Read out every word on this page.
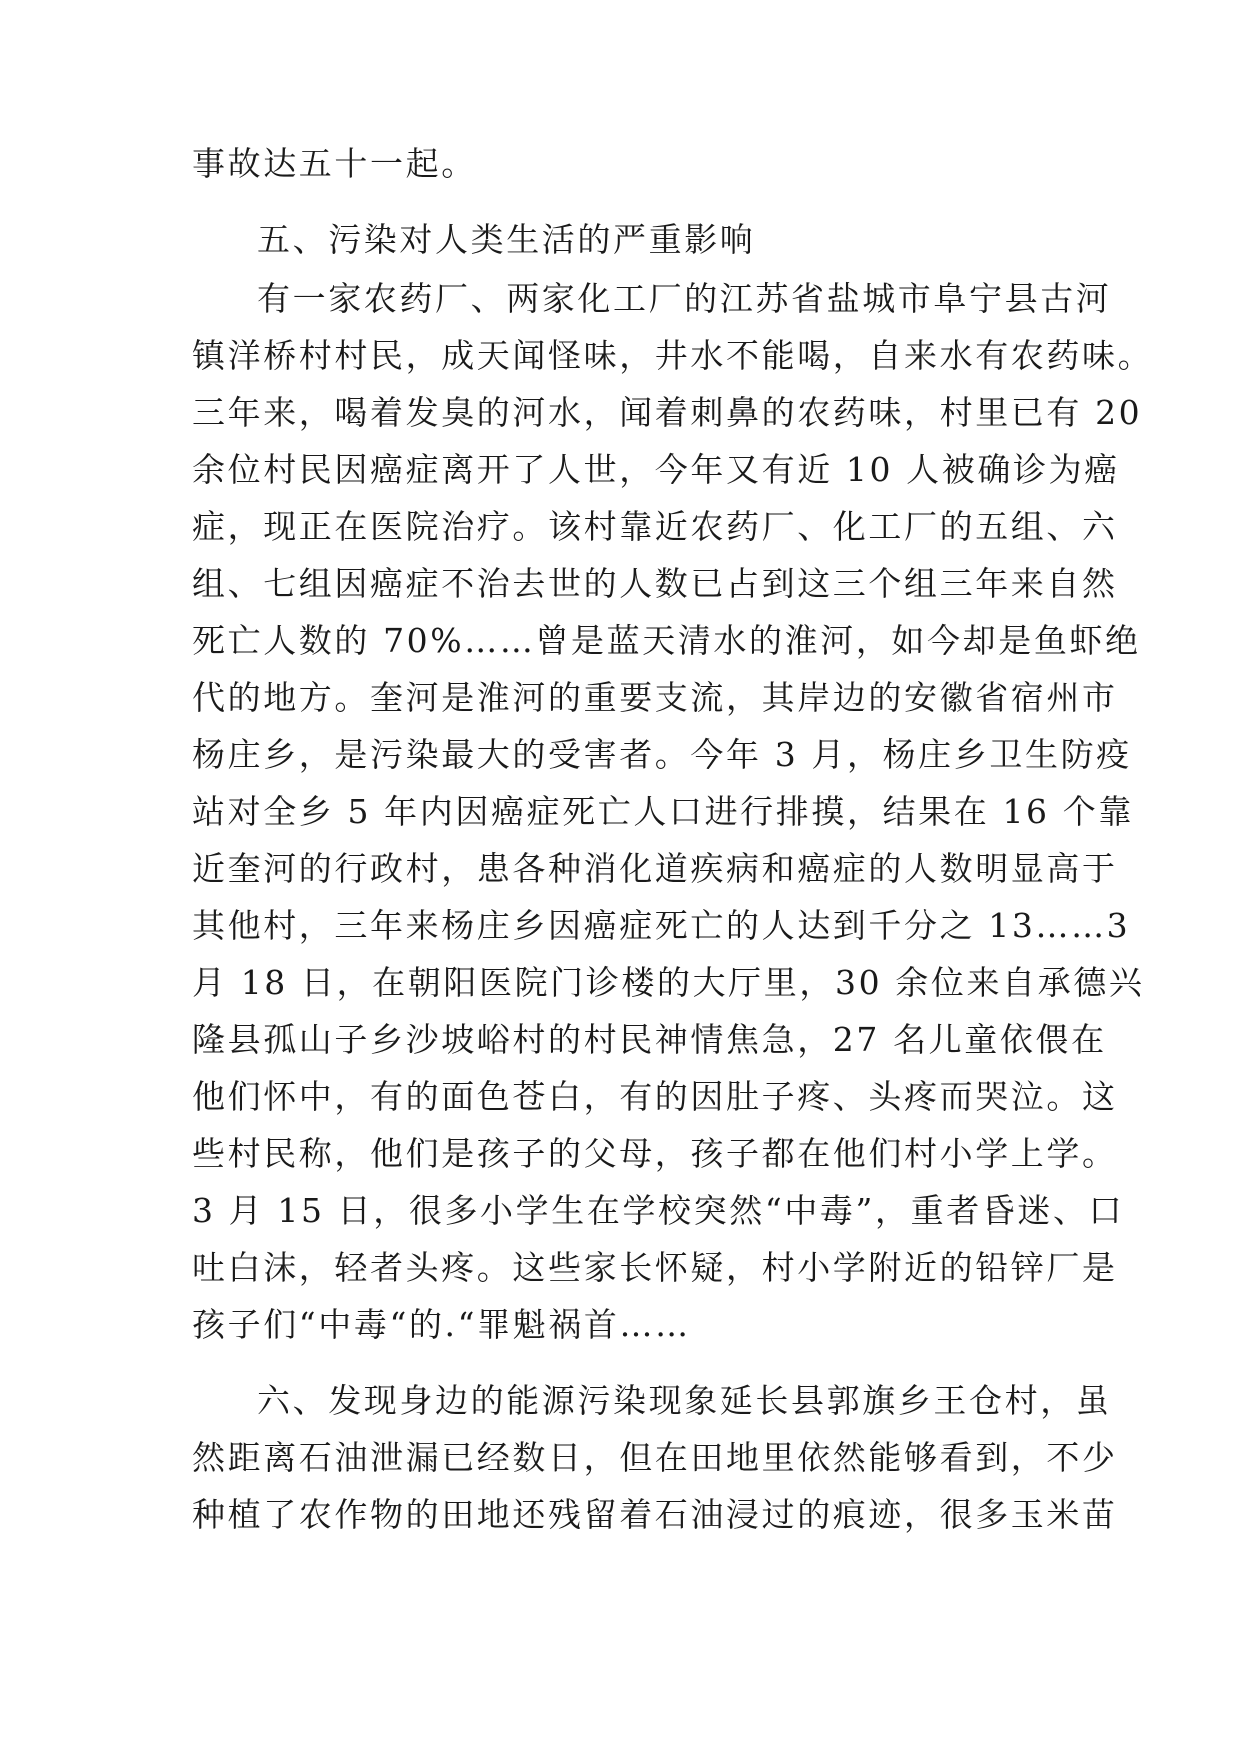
事故达五十一起。
五、污染对人类生活的严重影响
有一家农药厂、两家化工厂的江苏省盐城市阜宁县古河
镇洋桥村村民，成天闻怪味，井水不能喝，自来水有农药味。
三年来，喝着发臭的河水，闻着刺鼻的农药味，村里已有 20
余位村民因癌症离开了人世，今年又有近 10 人被确诊为癌
症，现正在医院治疗。该村靠近农药厂、化工厂的五组、六
组、七组因癌症不治去世的人数已占到这三个组三年来自然
死亡人数的 70%……曾是蓝天清水的淮河，如今却是鱼虾绝
代的地方。奎河是淮河的重要支流，其岸边的安徽省宿州市
杨庄乡，是污染最大的受害者。今年 3 月，杨庄乡卫生防疫
站对全乡 5 年内因癌症死亡人口进行排摸，结果在 16 个靠
近奎河的行政村，患各种消化道疾病和癌症的人数明显高于
其他村，三年来杨庄乡因癌症死亡的人达到千分之 13……3
月 18 日，在朝阳医院门诊楼的大厅里，30 余位来自承德兴
隆县孤山子乡沙坡峪村的村民神情焦急，27 名儿童依偎在
他们怀中，有的面色苍白，有的因肚子疼、头疼而哭泣。这
些村民称，他们是孩子的父母，孩子都在他们村小学上学。
3 月 15 日，很多小学生在学校突然“中毒”，重者昏迷、口
吐白沫，轻者头疼。这些家长怀疑，村小学附近的铅锌厂是
孩子们“中毒“的.“罪魁祸首……
六、发现身边的能源污染现象延长县郭旗乡王仓村，虽
然距离石油泄漏已经数日，但在田地里依然能够看到，不少
种植了农作物的田地还残留着石油浸过的痕迹，很多玉米苗
